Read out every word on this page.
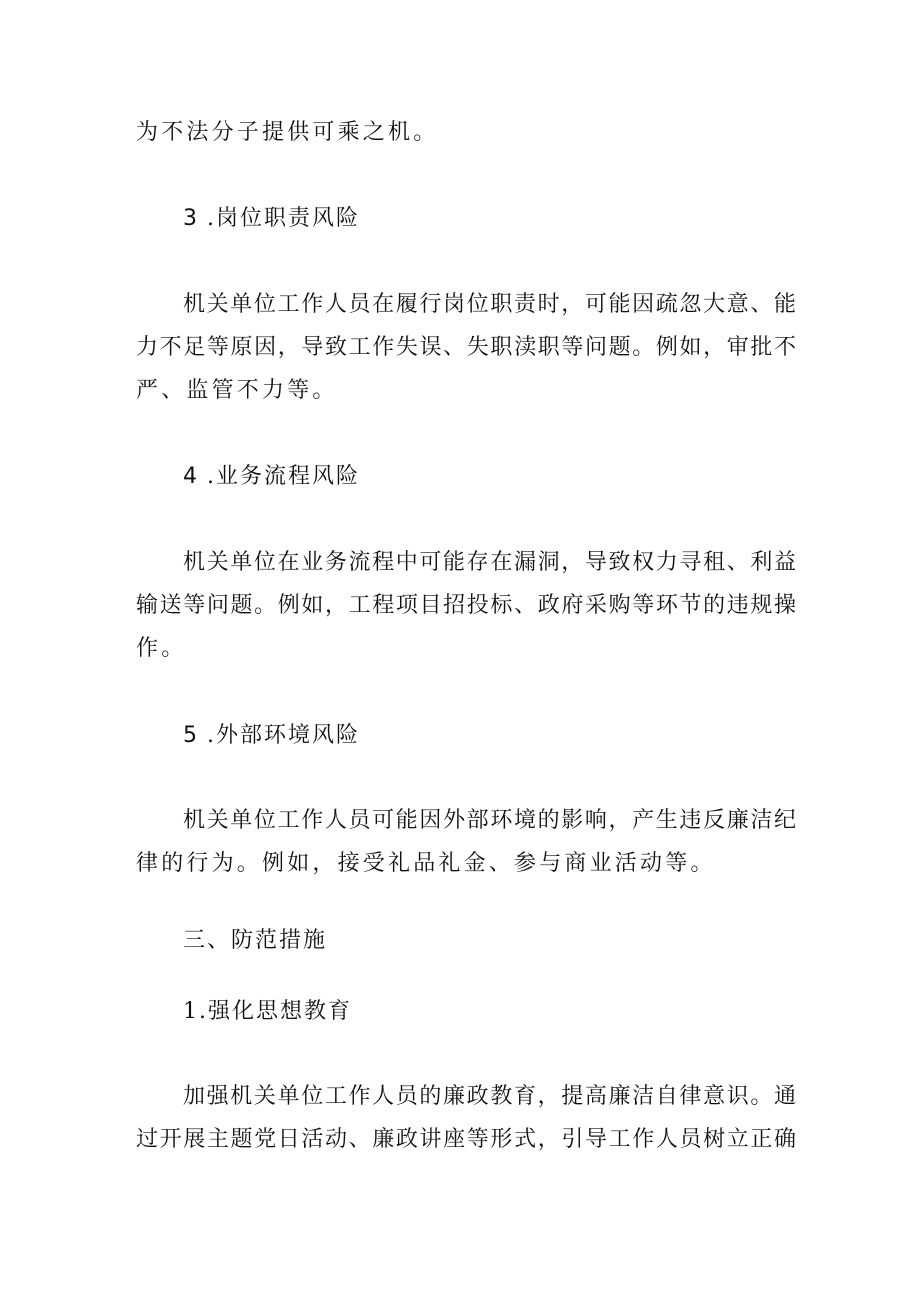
为不法分子提供可乘之机。
3 .岗位职责风险
机关单位工作人员在履行岗位职责时，可能因疏忽大意、能
力不足等原因，导致工作失误、失职渎职等问题。例如，审批不
严、监管不力等。
4 .业务流程风险
机关单位在业务流程中可能存在漏洞，导致权力寻租、利益
输送等问题。例如，工程项目招投标、政府采购等环节的违规操
作。
5 .外部环境风险
机关单位工作人员可能因外部环境的影响，产生违反廉洁纪
律的行为。例如，接受礼品礼金、参与商业活动等。
三、防范措施
1.强化思想教育
加强机关单位工作人员的廉政教育，提高廉洁自律意识。通
过开展主题党日活动、廉政讲座等形式，引导工作人员树立正确
